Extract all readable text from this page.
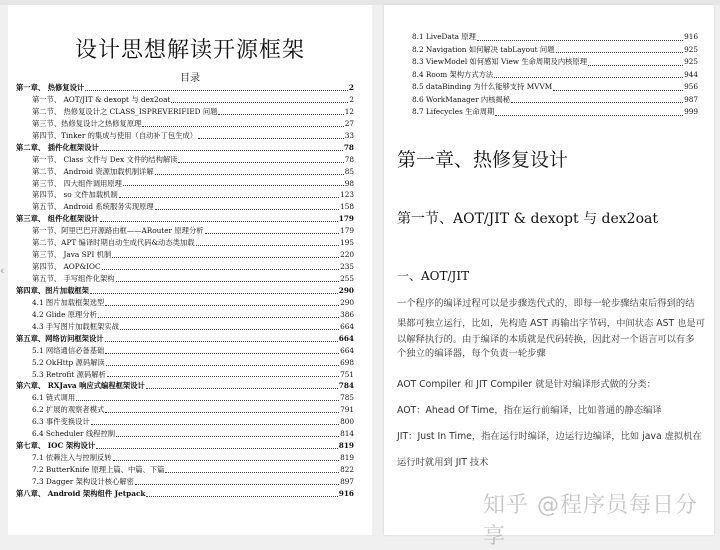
‹
设计思想解读开源框架
目录
第一章、 热修复设计	2
第一节、 AOT/JIT & dexopt 与 dex2oat	2
第二节、 热修复设计之 CLASS_ISPREVERIFIED 问题	12
第三节、热修复设计之热修复原理	27
第四节、Tinker 的集成与使用（自动补丁包生成）	33
第二章、 插件化框架设计	78
第一节、 Class 文件与 Dex 文件的结构解读	78
第二节、 Android 资源加载机制详解	85
第三节、 四大组件调用原理	98
第四节、 so 文件加载机制	123
第五节、 Android 系统服务实现原理	158
第三章、 组件化框架设计	179
第一节、阿里巴巴开源路由框——ARouter 原理分析	179
第二节、APT 编译时期自动生成代码&动态类加载	195
第三节、 Java SPI 机制	220
第四节、 AOP&IOC	235
第五节、 手写组件化架构	255
第四章、图片加载框架	290
4.1 图片加载框架选型	290
4.2 Glide 原理分析	386
4.3 手写图片加载框架实战	664
第五章、网络访问框架设计	664
5.1 网络通信必备基础	664
5.2 OkHttp 源码解读	698
5.3 Retrofit 源码解析	751
第六章、 RXJava 响应式编程框架设计	784
6.1 链式调用	785
6.2 扩展的观察者模式	791
6.3 事件变换设计	800
6.4 Scheduler 线程控制	814
第七章、 IOC 架构设计	819
7.1 依赖注入与控制反转	819
7.2 ButterKnife 原理上篇、中篇、下篇	822
7.3 Dagger 架构设计核心解密	897
第八章、 Android 架构组件 Jetpack	916
8.1 LiveData 原理	916
8.2 Navigation 如何解决 tabLayout 问题	925
8.3 ViewModel 如何感知 View 生命周期及内核原理	925
8.4 Room 架构方式方法	944
8.5 dataBinding 为什么能够支持 MVVM	956
8.6 WorkManager 内核揭秘	987
8.7 Lifecycles 生命周期	999
第一章、热修复设计
第一节、AOT/JIT & dexopt 与 dex2oat
一、AOT/JIT
一个程序的编译过程可以是步骤迭代式的，即每一轮步骤结束后得到的结
果都可独立运行，比如，先构造 AST 再输出字节码，中间状态 AST 也是可
以解释执行的。由于编译的本质就是代码转换，因此对一个语言可以有多
个独立的编译器，每个负责一轮步骤
AOT Compiler 和 JIT Compiler 就是针对编译形式做的分类：
AOT：Ahead Of Time，指在运行前编译，比如普通的静态编译
JIT：Just In Time，指在运行时编译，边运行边编译，比如 java 虚拟机在
运行时就用到 JIT 技术
知乎 @程序员每日分享
